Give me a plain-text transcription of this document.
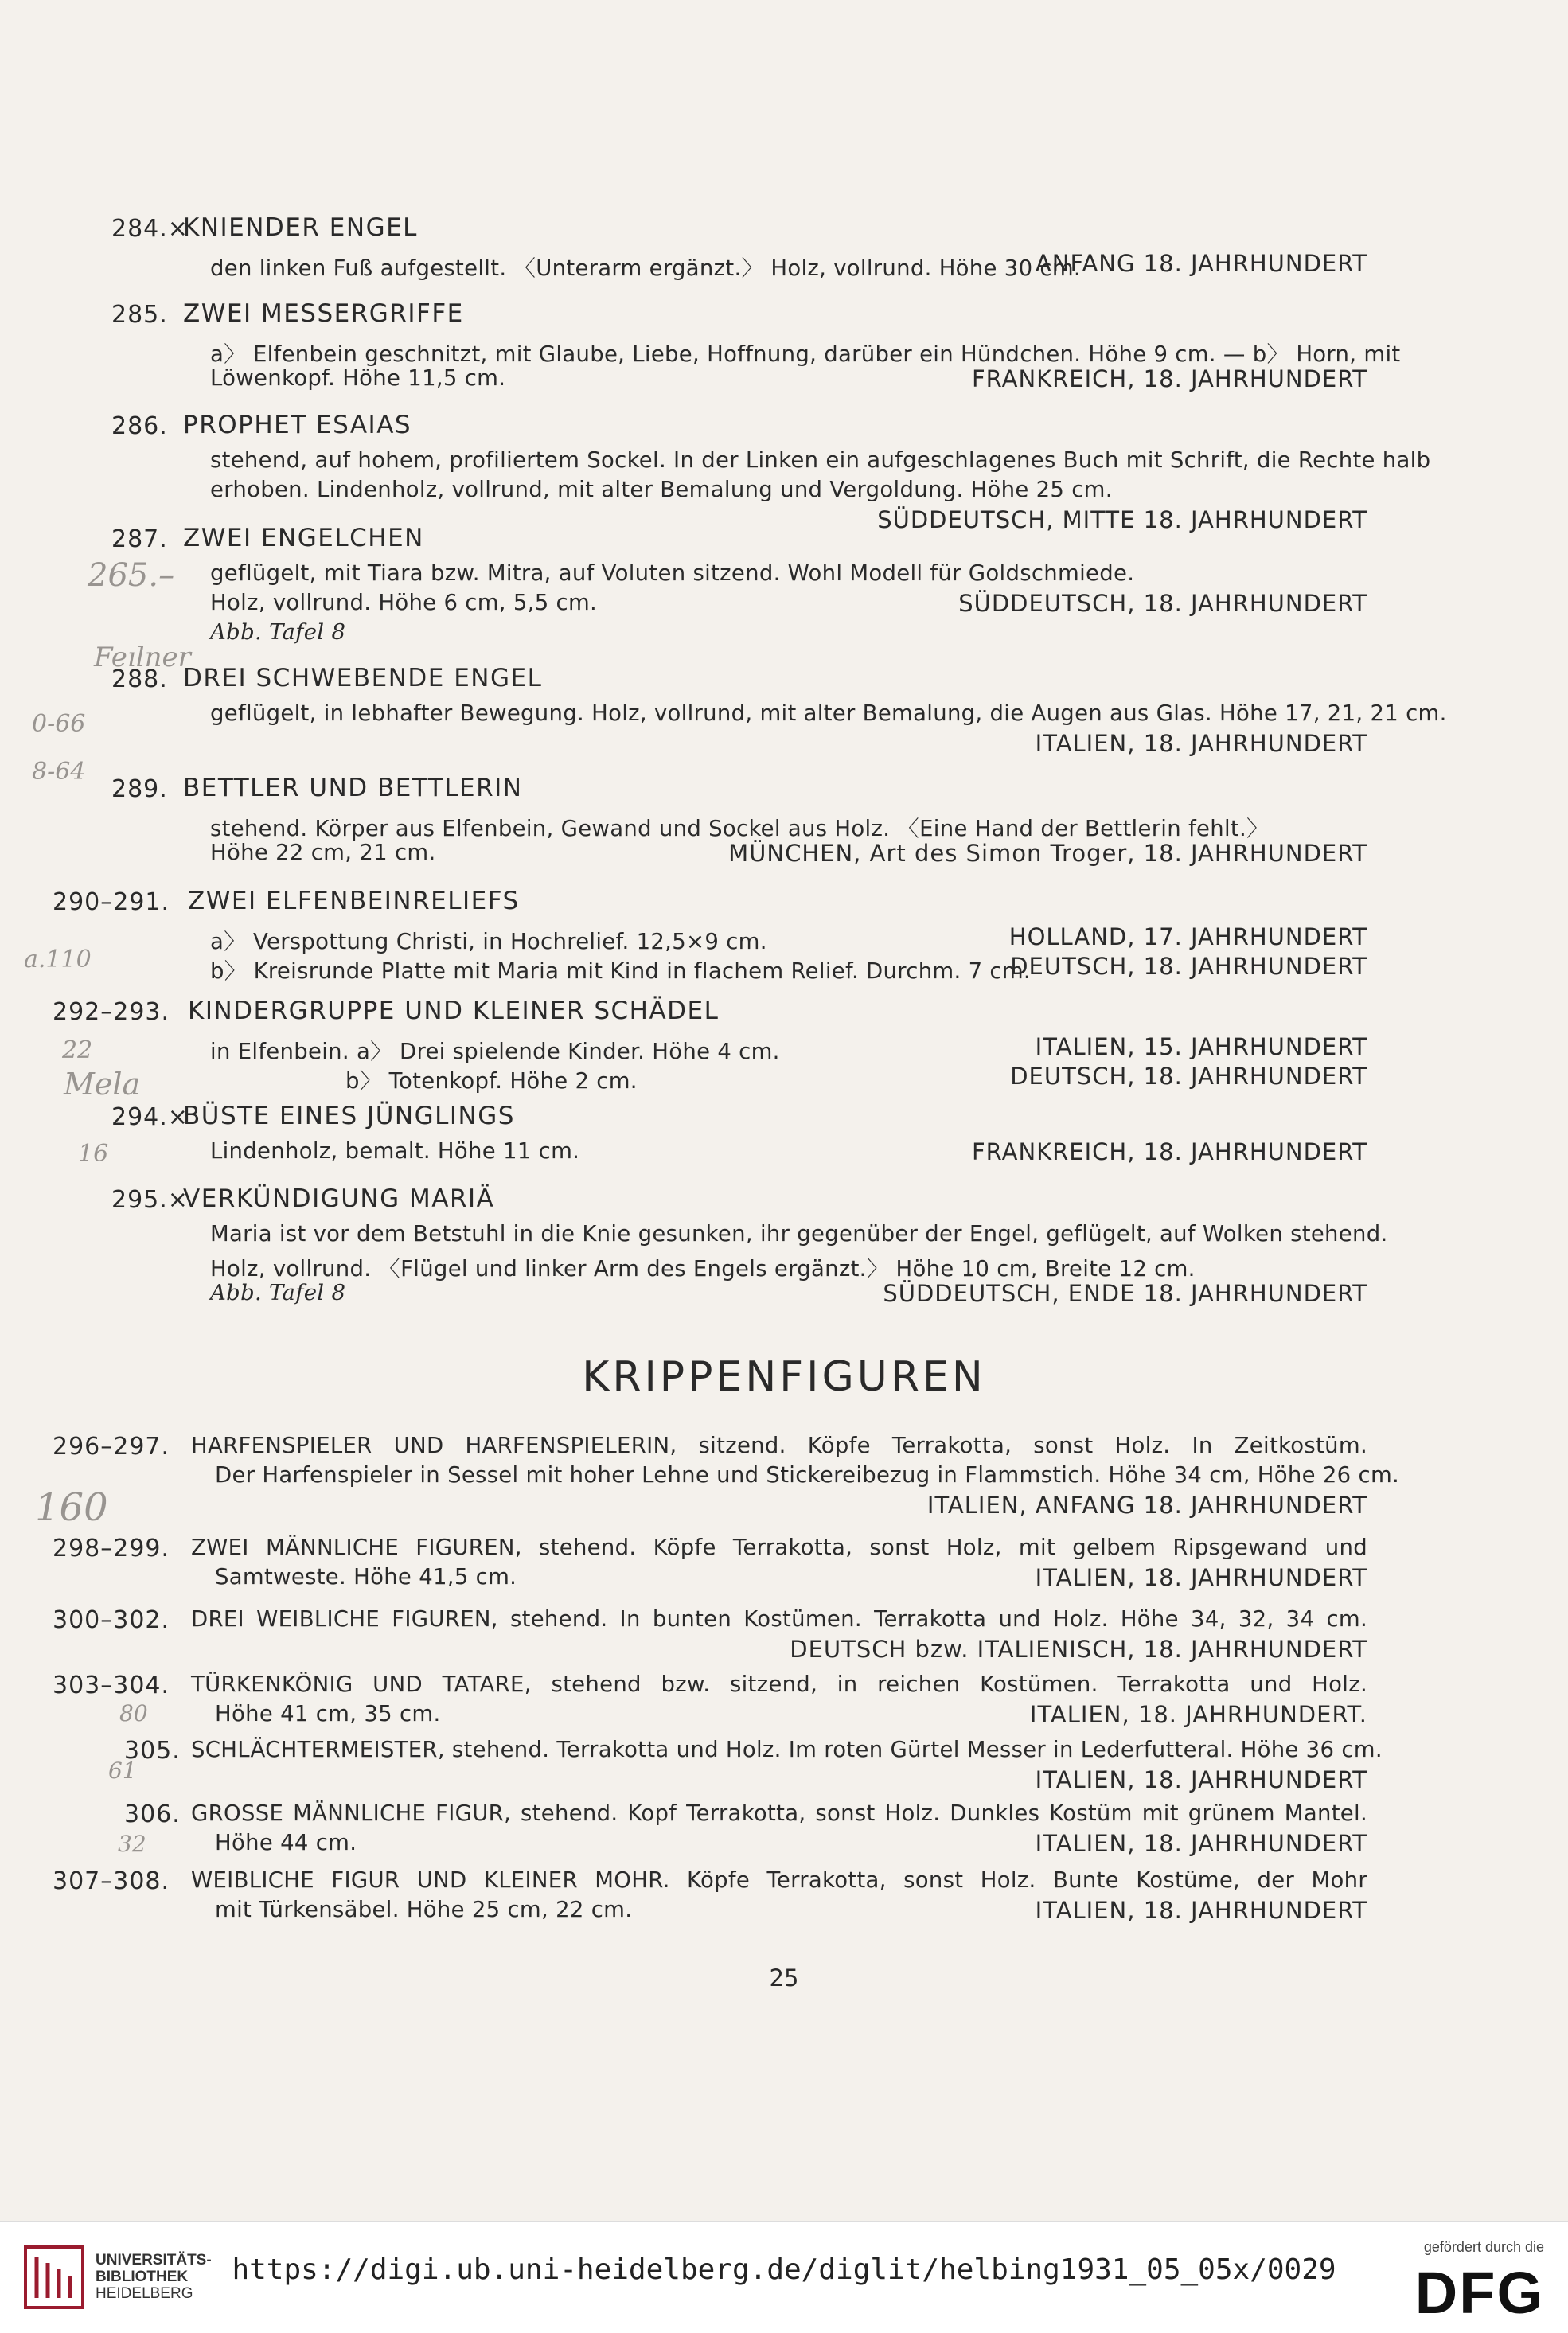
284.×
KNIENDER ENGEL
den linken Fuß aufgestellt. 〈Unterarm ergänzt.〉 Holz, vollrund. Höhe 30 cm.
ANFANG 18. JAHRHUNDERT
285. ZWEI MESSERGRIFFE
a〉 Elfenbein geschnitzt, mit Glaube, Liebe, Hoffnung, darüber ein Hündchen. Höhe 9 cm. — b〉 Horn, mit
Löwenkopf. Höhe 11,5 cm.	FRANKREICH, 18. JAHRHUNDERT
286. PROPHET ESAIAS
stehend, auf hohem, profiliertem Sockel. In der Linken ein aufgeschlagenes Buch mit Schrift, die Rechte halb
erhoben. Lindenholz, vollrund, mit alter Bemalung und Vergoldung. Höhe 25 cm.
SÜDDEUTSCH, MITTE 18. JAHRHUNDERT
287. ZWEI ENGELCHEN
geflügelt, mit Tiara bzw. Mitra, auf Voluten sitzend. Wohl Modell für Goldschmiede.
Holz, vollrund. Höhe 6 cm, 5,5 cm.	SÜDDEUTSCH, 18. JAHRHUNDERT
Abb. Tafel 8
288. DREI SCHWEBENDE ENGEL
geflügelt, in lebhafter Bewegung. Holz, vollrund, mit alter Bemalung, die Augen aus Glas. Höhe 17, 21, 21 cm.
ITALIEN, 18. JAHRHUNDERT
289. BETTLER UND BETTLERIN
stehend. Körper aus Elfenbein, Gewand und Sockel aus Holz. 〈Eine Hand der Bettlerin fehlt.〉
Höhe 22 cm, 21 cm.	MÜNCHEN, Art des Simon Troger, 18. JAHRHUNDERT
290–291. ZWEI ELFENBEINRELIEFS
a〉 Verspottung Christi, in Hochrelief. 12,5×9 cm.	HOLLAND, 17. JAHRHUNDERT
b〉 Kreisrunde Platte mit Maria mit Kind in flachem Relief. Durchm. 7 cm.
DEUTSCH, 18. JAHRHUNDERT
292–293. KINDERGRUPPE UND KLEINER SCHÄDEL
in Elfenbein. a〉 Drei spielende Kinder. Höhe 4 cm.	ITALIEN, 15. JAHRHUNDERT
b〉 Totenkopf. Höhe 2 cm.	DEUTSCH, 18. JAHRHUNDERT
294.×
BÜSTE EINES JÜNGLINGS
Lindenholz, bemalt. Höhe 11 cm.	FRANKREICH, 18. JAHRHUNDERT
295.×
VERKÜNDIGUNG MARIÄ
Maria ist vor dem Betstuhl in die Knie gesunken, ihr gegenüber der Engel, geflügelt, auf Wolken stehend.
Holz, vollrund. 〈Flügel und linker Arm des Engels ergänzt.〉 Höhe 10 cm, Breite 12 cm.
Abb. Tafel 8	SÜDDEUTSCH, ENDE 18. JAHRHUNDERT
KRIPPENFIGUREN
296–297. HARFENSPIELER UND HARFENSPIELERIN, sitzend. Köpfe Terrakotta, sonst Holz. In Zeitkostüm.
Der Harfenspieler in Sessel mit hoher Lehne und Stickereibezug in Flammstich. Höhe 34 cm, Höhe 26 cm.
ITALIEN, ANFANG 18. JAHRHUNDERT
298–299. ZWEI MÄNNLICHE FIGUREN, stehend. Köpfe Terrakotta, sonst Holz, mit gelbem Ripsgewand und
Samtweste. Höhe 41,5 cm.	ITALIEN, 18. JAHRHUNDERT
300–302. DREI WEIBLICHE FIGUREN, stehend. In bunten Kostümen. Terrakotta und Holz. Höhe 34, 32, 34 cm.
DEUTSCH bzw. ITALIENISCH, 18. JAHRHUNDERT
303–304. TÜRKENKÖNIG UND TATARE, stehend bzw. sitzend, in reichen Kostümen. Terrakotta und Holz.
Höhe 41 cm, 35 cm.	ITALIEN, 18. JAHRHUNDERT.
305. SCHLÄCHTERMEISTER, stehend. Terrakotta und Holz. Im roten Gürtel Messer in Lederfutteral. Höhe 36 cm.
ITALIEN, 18. JAHRHUNDERT
306. GROSSE MÄNNLICHE FIGUR, stehend. Kopf Terrakotta, sonst Holz. Dunkles Kostüm mit grünem Mantel.
Höhe 44 cm.	ITALIEN, 18. JAHRHUNDERT
307–308. WEIBLICHE FIGUR UND KLEINER MOHR. Köpfe Terrakotta, sonst Holz. Bunte Kostüme, der Mohr
mit Türkensäbel. Höhe 25 cm, 22 cm.	ITALIEN, 18. JAHRHUNDERT
25
265.–
Feılner
0-66
8-64
a.110
22
Mela
16
160
80
61
32
UNIVERSITÄTS-
BIBLIOTHEK
HEIDELBERG
https://digi.ub.uni-heidelberg.de/diglit/helbing1931_05_05x/0029
gefördert durch die
DFG
